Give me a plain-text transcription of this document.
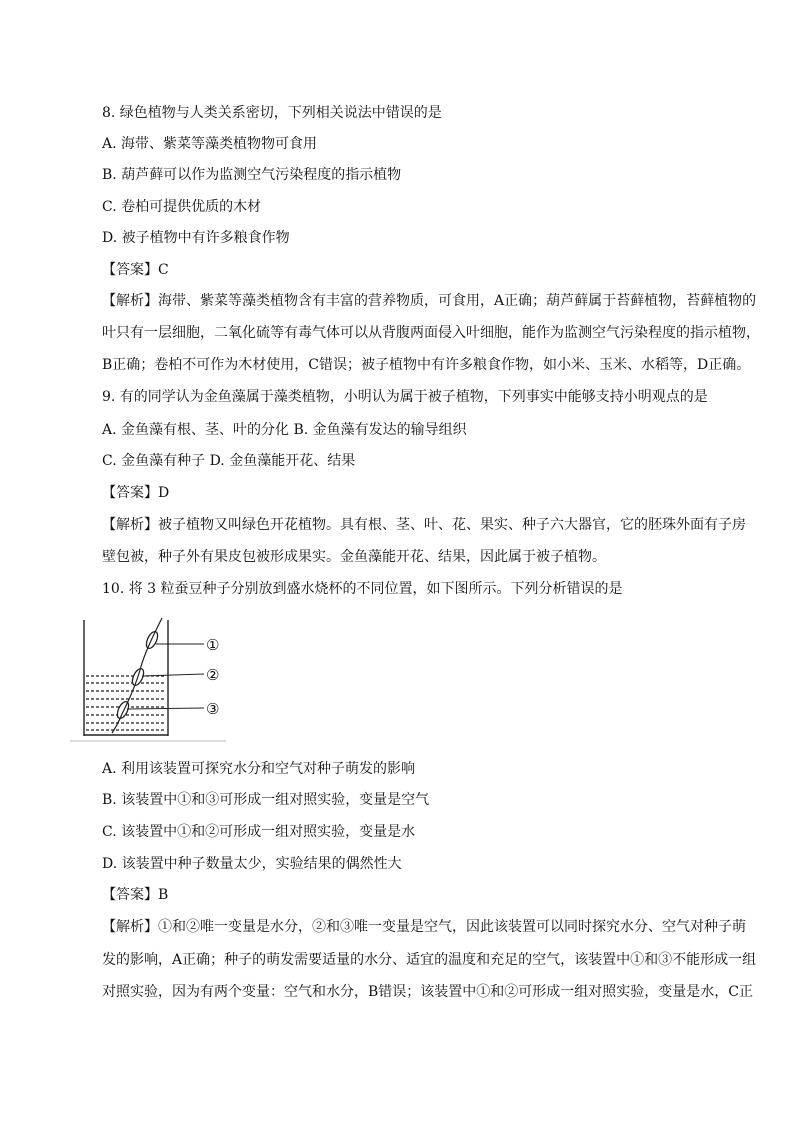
8. 绿色植物与人类关系密切，下列相关说法中错误的是
A. 海带、紫菜等藻类植物物可食用
B. 葫芦藓可以作为监测空气污染程度的指示植物
C. 卷柏可提供优质的木材
D. 被子植物中有许多粮食作物
【答案】C
【解析】海带、紫菜等藻类植物含有丰富的营养物质，可食用，A正确；葫芦藓属于苔藓植物，苔藓植物的
叶只有一层细胞，二氧化硫等有毒气体可以从背腹两面侵入叶细胞，能作为监测空气污染程度的指示植物，
B正确；卷柏不可作为木材使用，C错误；被子植物中有许多粮食作物，如小米、玉米、水稻等，D正确。
9. 有的同学认为金鱼藻属于藻类植物，小明认为属于被子植物，下列事实中能够支持小明观点的是
A. 金鱼藻有根、茎、叶的分化 B. 金鱼藻有发达的输导组织
C. 金鱼藻有种子 D. 金鱼藻能开花、结果
【答案】D
【解析】被子植物又叫绿色开花植物。具有根、茎、叶、花、果实、种子六大器官，它的胚珠外面有子房
壁包被，种子外有果皮包被形成果实。金鱼藻能开花、结果，因此属于被子植物。
10. 将 3 粒蚕豆种子分别放到盛水烧杯的不同位置，如下图所示。下列分析错误的是
①
②
③
A. 利用该装置可探究水分和空气对种子萌发的影响
B. 该装置中①和③可形成一组对照实验，变量是空气
C. 该装置中①和②可形成一组对照实验，变量是水
D. 该装置中种子数量太少，实验结果的偶然性大
【答案】B
【解析】①和②唯一变量是水分，②和③唯一变量是空气，因此该装置可以同时探究水分、空气对种子萌
发的影响，A正确；种子的萌发需要适量的水分、适宜的温度和充足的空气，该装置中①和③不能形成一组
对照实验，因为有两个变量：空气和水分，B错误；该装置中①和②可形成一组对照实验，变量是水，C正
